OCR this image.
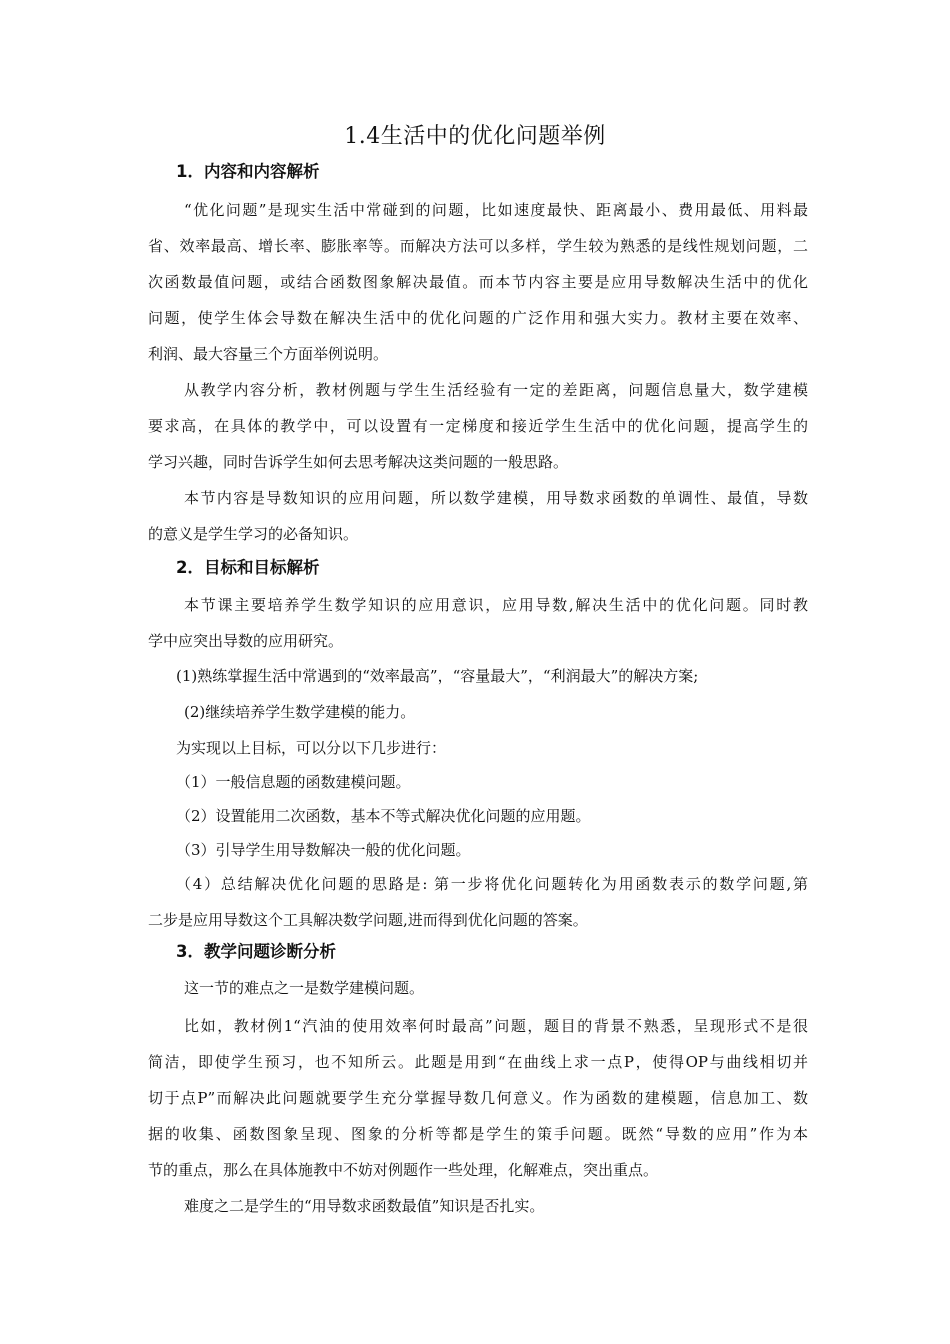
1.4生活中的优化问题举例
1．内容和内容解析
“优化问题”是现实生活中常碰到的问题，比如速度最快、距离最小、费用最低、用料最
省、效率最高、增长率、膨胀率等。而解决方法可以多样，学生较为熟悉的是线性规划问题，二
次函数最值问题，或结合函数图象解决最值。而本节内容主要是应用导数解决生活中的优化
问题，使学生体会导数在解决生活中的优化问题的广泛作用和强大实力。教材主要在效率、
利润、最大容量三个方面举例说明。
从教学内容分析，教材例题与学生生活经验有一定的差距离，问题信息量大，数学建模
要求高，在具体的教学中，可以设置有一定梯度和接近学生生活中的优化问题，提高学生的
学习兴趣，同时告诉学生如何去思考解决这类问题的一般思路。
本节内容是导数知识的应用问题，所以数学建模，用导数求函数的单调性、最值，导数
的意义是学生学习的必备知识。
2．目标和目标解析
本节课主要培养学生数学知识的应用意识，应用导数,解决生活中的优化问题。同时教
学中应突出导数的应用研究。
(1)熟练掌握生活中常遇到的“效率最高”，“容量最大”，“利润最大”的解决方案;
(2)继续培养学生数学建模的能力。
为实现以上目标，可以分以下几步进行：
（1）一般信息题的函数建模问题。
（2）设置能用二次函数，基本不等式解决优化问题的应用题。
（3）引导学生用导数解决一般的优化问题。
（4）总结解决优化问题的思路是: 第一步将优化问题转化为用函数表示的数学问题,第
二步是应用导数这个工具解决数学问题,进而得到优化问题的答案。
3．教学问题诊断分析
这一节的难点之一是数学建模问题。
比如，教材例1“汽油的使用效率何时最高”问题，题目的背景不熟悉，呈现形式不是很
简洁，即使学生预习，也不知所云。此题是用到“在曲线上求一点P，使得OP与曲线相切并
切于点P”而解决此问题就要学生充分掌握导数几何意义。作为函数的建模题，信息加工、数
据的收集、函数图象呈现、图象的分析等都是学生的策手问题。既然“导数的应用”作为本
节的重点，那么在具体施教中不妨对例题作一些处理，化解难点，突出重点。
难度之二是学生的“用导数求函数最值”知识是否扎实。
